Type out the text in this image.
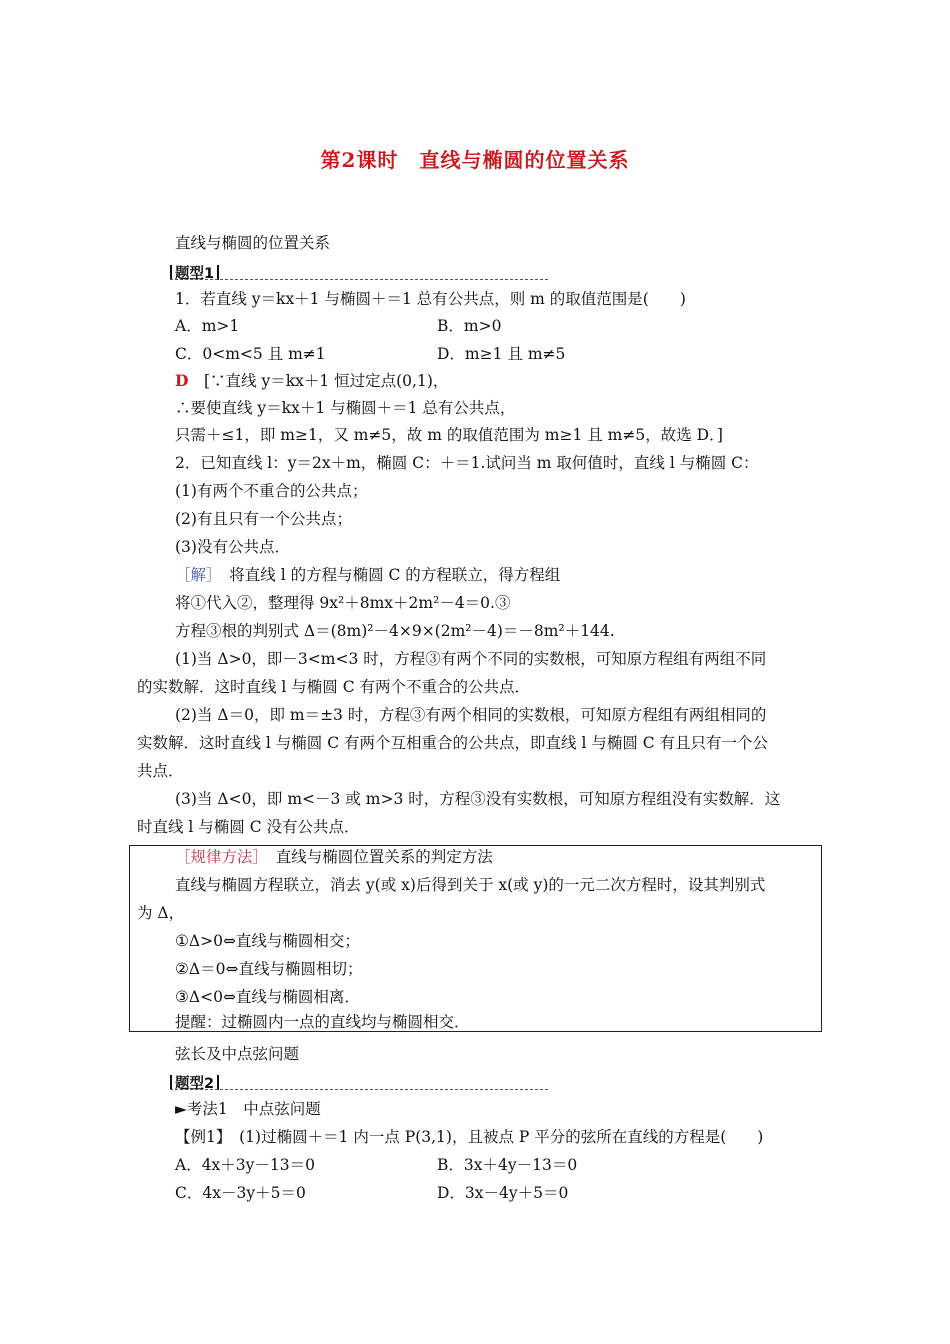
第2课时　直线与椭圆的位置关系
直线与椭圆的位置关系
题型1
1．若直线 y＝kx＋1 与椭圆＋＝1 总有公共点，则 m 的取值范围是(　　)
A．m>1	B．m>0
C．0<m<5 且 m≠1	D．m≥1 且 m≠5
D　 [∵直线 y＝kx＋1 恒过定点(0,1)，
∴要使直线 y＝kx＋1 与椭圆＋＝1 总有公共点，
只需＋≤1，即 m≥1，又 m≠5，故 m 的取值范围为 m≥1 且 m≠5，故选 D．]
2．已知直线 l：y＝2x＋m，椭圆 C：＋＝1.试问当 m 取何值时，直线 l 与椭圆 C：
(1)有两个不重合的公共点；
(2)有且只有一个公共点；
(3)没有公共点．
［解］　 将直线 l 的方程与椭圆 C 的方程联立，得方程组
将①代入②，整理得 9x²＋8mx＋2m²－4＝0.③
方程③根的判别式 Δ＝(8m)²－4×9×(2m²－4)＝－8m²＋144.
(1)当 Δ>0，即－3<m<3 时，方程③有两个不同的实数根，可知原方程组有两组不同
的实数解．这时直线 l 与椭圆 C 有两个不重合的公共点．
(2)当 Δ＝0，即 m＝±3 时，方程③有两个相同的实数根，可知原方程组有两组相同的
实数解．这时直线 l 与椭圆 C 有两个互相重合的公共点，即直线 l 与椭圆 C 有且只有一个公
共点．
(3)当 Δ<0，即 m<－3 或 m>3 时，方程③没有实数根，可知原方程组没有实数解．这
时直线 l 与椭圆 C 没有公共点．
［规律方法］　 直线与椭圆位置关系的判定方法
直线与椭圆方程联立，消去 y(或 x)后得到关于 x(或 y)的一元二次方程时，设其判别式
为 Δ，
①Δ>0⇔直线与椭圆相交；
②Δ＝0⇔直线与椭圆相切；
③Δ<0⇔直线与椭圆相离．
提醒：过椭圆内一点的直线均与椭圆相交．
弦长及中点弦问题
题型2
►考法1　中点弦问题
【例1】　(1)过椭圆＋＝1 内一点 P(3,1)，且被点 P 平分的弦所在直线的方程是(　　)
A．4x＋3y－13＝0	B．3x＋4y－13＝0
C．4x－3y＋5＝0	D．3x－4y＋5＝0
